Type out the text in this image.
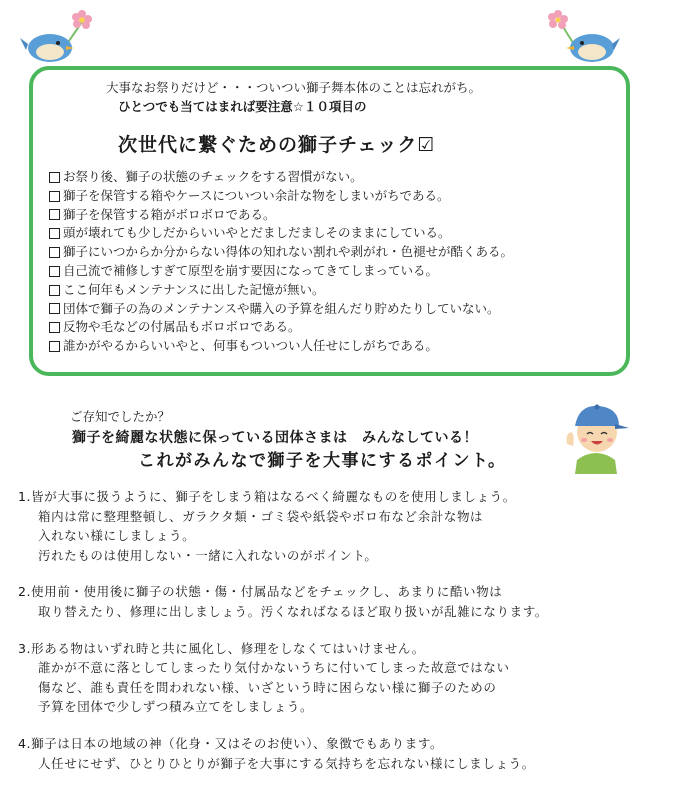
大事なお祭りだけど・・・ついつい獅子舞本体のことは忘れがち。
ひとつでも当てはまれば要注意☆１０項目の
次世代に繋ぐための獅子チェック☑
お祭り後、獅子の状態のチェックをする習慣がない。
獅子を保管する箱やケースについつい余計な物をしまいがちである。
獅子を保管する箱がボロボロである。
頭が壊れても少しだからいいやとだましだましそのままにしている。
獅子にいつからか分からない得体の知れない割れや剥がれ・色褪せが酷くある。
自己流で補修しすぎて原型を崩す要因になってきてしまっている。
ここ何年もメンテナンスに出した記憶が無い。
団体で獅子の為のメンテナンスや購入の予算を組んだり貯めたりしていない。
反物や毛などの付属品もボロボロである。
誰かがやるからいいやと、何事もついつい人任せにしがちである。
ご存知でしたか？
獅子を綺麗な状態に保っている団体さまは　みんなしている！
これがみんなで獅子を大事にするポイント。

1.皆が大事に扱うように、獅子をしまう箱はなるべく綺麗なものを使用しましょう。

箱内は常に整理整頓し、ガラクタ類・ゴミ袋や紙袋やボロ布など余計な物は

入れない様にしましょう。

汚れたものは使用しない・一緒に入れないのがポイント。

2.使用前・使用後に獅子の状態・傷・付属品などをチェックし、あまりに酷い物は

取り替えたり、修理に出しましょう。汚くなればなるほど取り扱いが乱雑になります。

3.形ある物はいずれ時と共に風化し、修理をしなくてはいけません。

誰かが不意に落としてしまったり気付かないうちに付いてしまった故意ではない

傷など、誰も責任を問われない様、いざという時に困らない様に獅子のための

予算を団体で少しずつ積み立てをしましょう。

4.獅子は日本の地域の神（化身・又はそのお使い）、象徴でもあります。

人任せにせず、ひとりひとりが獅子を大事にする気持ちを忘れない様にしましょう。
